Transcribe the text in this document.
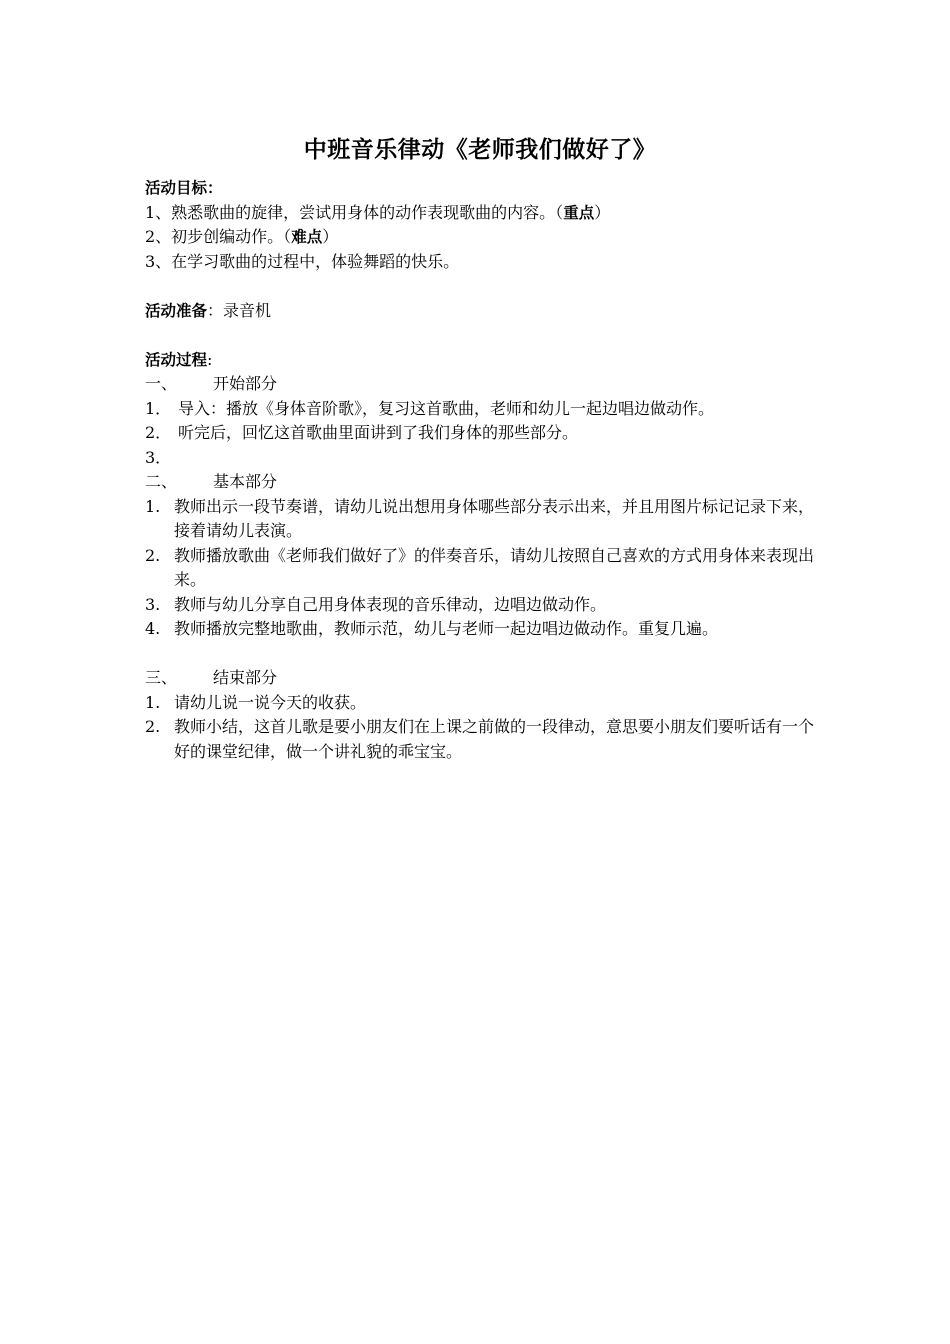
中班音乐律动《老师我们做好了》
活动目标：
1、熟悉歌曲的旋律，尝试用身体的动作表现歌曲的内容。（重点）
2、初步创编动作。（难点）
3、在学习歌曲的过程中，体验舞蹈的快乐。
活动准备：录音机
活动过程:
一、 开始部分
1． 导入：播放《身体音阶歌》，复习这首歌曲，老师和幼儿一起边唱边做动作。
2． 听完后，回忆这首歌曲里面讲到了我们身体的那些部分。
3．
二、 基本部分
1. 教师出示一段节奏谱，请幼儿说出想用身体哪些部分表示出来，并且用图片标记记录下来，接着请幼儿表演。
2. 教师播放歌曲《老师我们做好了》的伴奏音乐，请幼儿按照自己喜欢的方式用身体来表现出来。
3. 教师与幼儿分享自己用身体表现的音乐律动，边唱边做动作。
4. 教师播放完整地歌曲，教师示范，幼儿与老师一起边唱边做动作。重复几遍。
三、 结束部分
1. 请幼儿说一说今天的收获。
2. 教师小结，这首儿歌是要小朋友们在上课之前做的一段律动，意思要小朋友们要听话有一个好的课堂纪律，做一个讲礼貌的乖宝宝。
